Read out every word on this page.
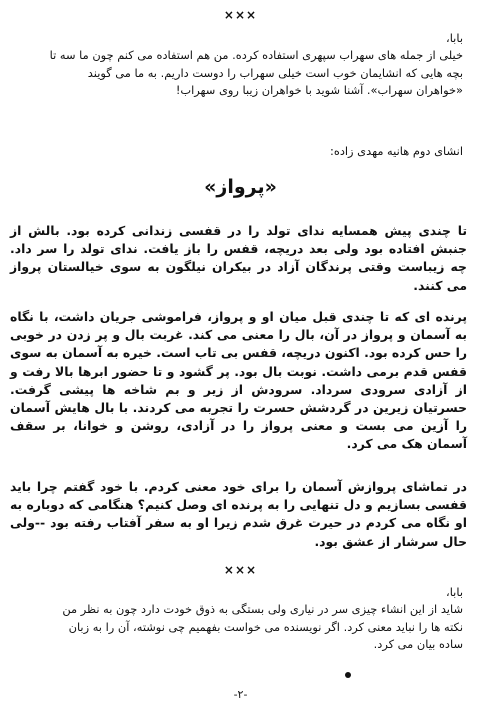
×××

بابا،

خیلی از جمله های سهراب سپهری استفاده کرده. من هم استفاده می کنم چون ما سه تا

بچه هایی که انشایمان خوب است خیلی سهراب را دوست داریم. به ما می گویند

«خواهران سهراب». آشنا شوید با خواهران زیبا روی سهراب!

انشای دوم هانیه مهدی زاده:
«پرواز»

تا چندی پیش همسایه ندای تولد را در قفسی زندانی کرده بود. بالش از جنبش افتاده بود ولی بعد دریچه، قفس را باز یافت. ندای تولد را سر داد. چه زیباست وقتی پرندگان آزاد در بیکران نیلگون به سوی خیالستان پرواز می کنند.

پرنده ای که تا چندی قبل میان او و پرواز، فراموشی جریان داشت، با نگاه به آسمان و پرواز در آن، بال را معنی می کند. غربت بال و پر زدن در خوبی را حس کرده بود. اکنون دریچه، قفس بی تاب است. خیره به آسمان به سوی قفس قدم برمی داشت. نوبت بال بود. پر گشود و تا حضور ابرها بالا رفت و از آزادی سرودی سرداد. سرودش از زیر و بم شاخه ها پیشی گرفت. حسرتیان زیرین در گردشش حسرت را تجربه می کردند. با بال هایش آسمان را آزین می بست و معنی پرواز را در آزادی، روشن و خوانا، بر سقف آسمان هک می کرد.

در تماشای پروازش آسمان را برای خود معنی کردم. با خود گفتم چرا باید قفسی بسازیم و دل تنهایی را به پرنده ای وصل کنیم؟ هنگامی که دوباره به او نگاه می کردم در حیرت غرق شدم زیرا او به سفر آفتاب رفته بود --ولی حال سرشار از عشق بود.

×××

بابا،

شاید از این انشاء چیزی سر در نیاری ولی بستگی به ذوق خودت دارد چون به نظر من

نکته ها را نباید معنی کرد. اگر نویسنده می خواست بفهمیم چی نوشته، آن را به زبان

ساده بیان می کرد.

-۲-
